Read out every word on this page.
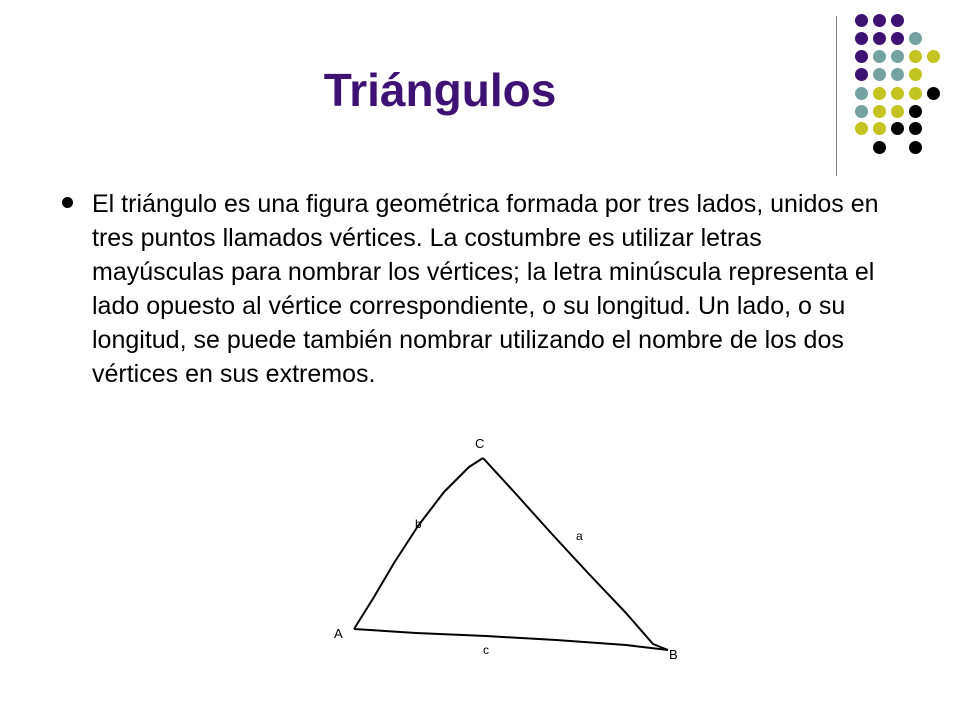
Triángulos

El triángulo es una figura geométrica formada por tres lados, unidos en tres puntos llamados vértices. La costumbre es utilizar letras mayúsculas para nombrar los vértices; la letra minúscula representa el lado opuesto al vértice correspondiente, o su longitud. Un lado, o su longitud, se puede también nombrar utilizando el nombre de los dos vértices en sus extremos.

C
A
B
b
a
c
